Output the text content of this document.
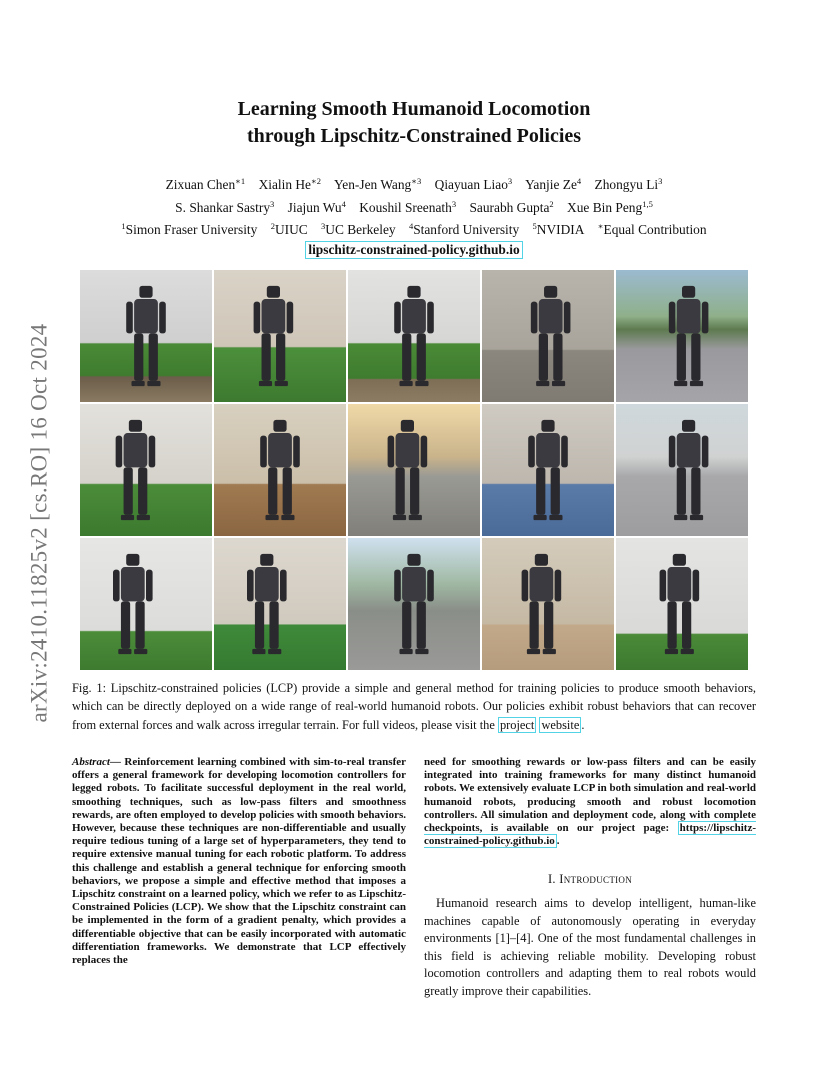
arXiv:2410.11825v2 [cs.RO] 16 Oct 2024
Learning Smooth Humanoid Locomotion
through Lipschitz-Constrained Policies
Zixuan Chen$^{∗1}$ Xialin $He^{∗2}$ Yen-Jen Wang$^{∗3}$ Qiayuan Liao$^3$ Yanjie Ze$^4$ Zhongyu Li$^3$
S. Shankar Sastry$^3$ Jiajun Wu$^4$ Koushil Sreenath$^3$ Saurabh Gupta$^2$ Xue Bin Peng$^{1,5}$
$^1$Simon Fraser University $^2$UIUC $^3$UC Berkeley $^4$Stanford University $^5$NVIDIA ∗Equal Contribution
lipschitz-constrained-policy.github.io
Fig. 1: Lipschitz-constrained policies (LCP) provide a simple and general method for training policies to produce smooth behaviors, which can be directly deployed on a wide range of real-world humanoid robots. Our policies exhibit robust behaviors that can recover from external forces and walk across irregular terrain. For full videos, please visit the project website .
Abstract— Reinforcement learning combined with sim-to-real transfer offers a general framework for developing locomotion controllers for legged robots. To facilitate successful deployment in the real world, smoothing techniques, such as low-pass filters and smoothness rewards, are often employed to develop policies with smooth behaviors. However, because these techniques are non-differentiable and usually require tedious tuning of a large set of hyperparameters, they tend to require extensive manual tuning for each robotic platform. To address this challenge and establish a general technique for enforcing smooth behaviors, we propose a simple and effective method that imposes a Lipschitz constraint on a learned policy, which we refer to as Lipschitz-Constrained Policies (LCP). We show that the Lipschitz constraint can be implemented in the form of a gradient penalty, which provides a differentiable objective that can be easily incorporated with automatic differentiation frameworks. We demonstrate that LCP effectively replaces the
need for smoothing rewards or low-pass filters and can be easily integrated into training frameworks for many distinct humanoid robots. We extensively evaluate LCP in both simulation and real-world humanoid robots, producing smooth and robust locomotion controllers. All simulation and deployment code, along with complete checkpoints, is available on our project page: https://lipschitz-constrained-policy.github.io .
I. Introduction
Humanoid research aims to develop intelligent, human-like machines capable of autonomously operating in everyday environments [1]–[4]. One of the most fundamental challenges in this field is achieving reliable mobility. Developing robust locomotion controllers and adapting them to real robots would greatly improve their capabilities.
